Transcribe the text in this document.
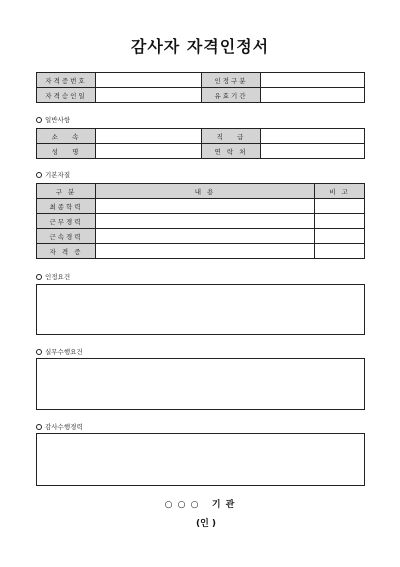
감사자 자격인정서
자격증번호		인정구분	
자격승인일		유효기간	
일반사항
소   속		직   급	
성   명		연 락 처	
기본자질
구 분	내 용	비 고
최종학력		
근무경력		
근속경력		
자 격 증		
인정요건
실무수행요건
감사수행경력
○ ○ ○   기 관
(인 )
